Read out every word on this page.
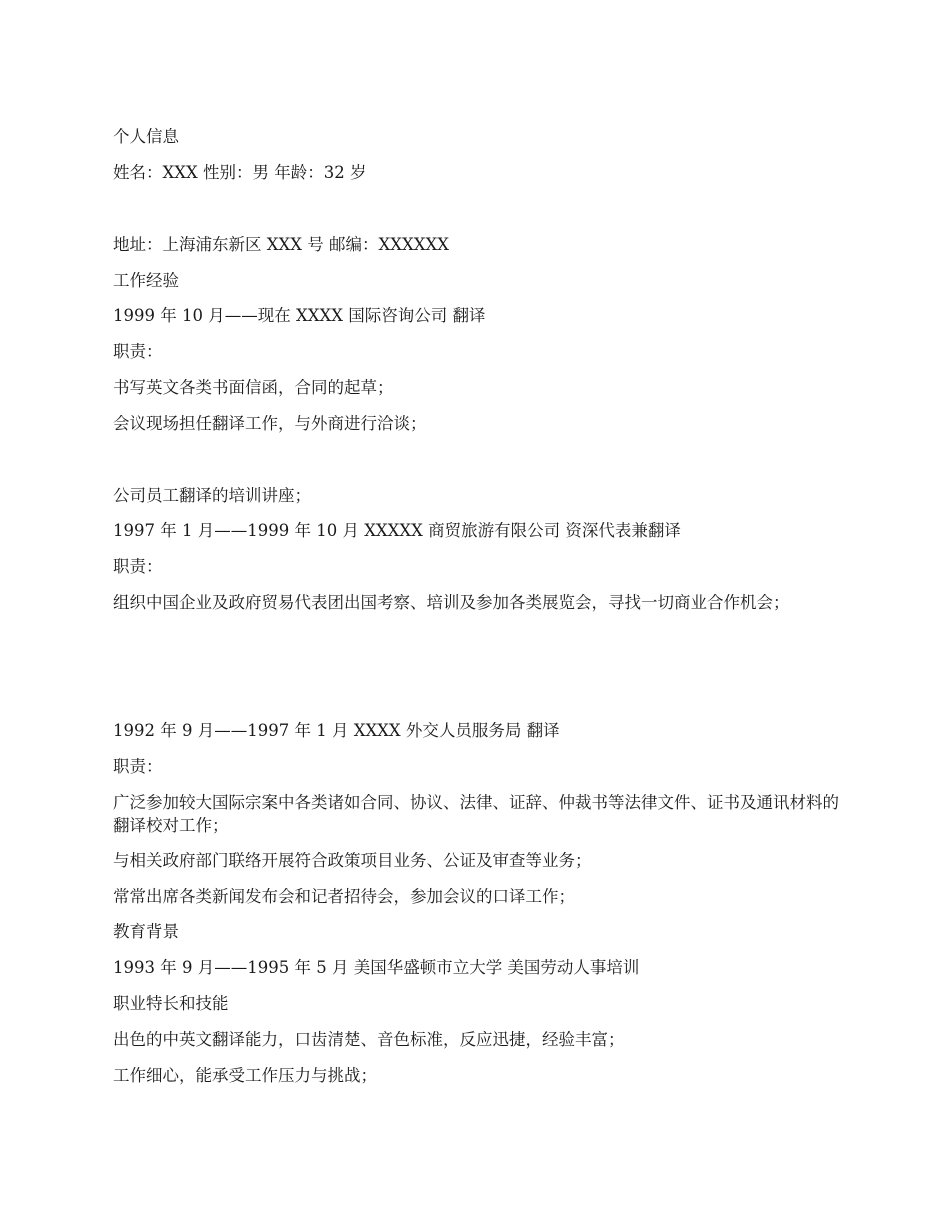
个人信息
姓名：XXX 性别：男 年龄：32 岁
地址：上海浦东新区 XXX 号 邮编：XXXXXX
工作经验
1999 年 10 月——现在 XXXX 国际咨询公司 翻译
职责：
书写英文各类书面信函，合同的起草；
会议现场担任翻译工作，与外商进行洽谈；
公司员工翻译的培训讲座；
1997 年 1 月——1999 年 10 月 XXXXX 商贸旅游有限公司 资深代表兼翻译
职责：
组织中国企业及政府贸易代表团出国考察、培训及参加各类展览会，寻找一切商业合作机会；
1992 年 9 月——1997 年 1 月 XXXX 外交人员服务局 翻译
职责：
广泛参加较大国际宗案中各类诸如合同、协议、法律、证辞、仲裁书等法律文件、证书及通讯材料的翻译校对工作；
与相关政府部门联络开展符合政策项目业务、公证及审查等业务；
常常出席各类新闻发布会和记者招待会，参加会议的口译工作；
教育背景
1993 年 9 月——1995 年 5 月 美国华盛顿市立大学 美国劳动人事培训
职业特长和技能
出色的中英文翻译能力，口齿清楚、音色标准，反应迅捷，经验丰富；
工作细心，能承受工作压力与挑战；
